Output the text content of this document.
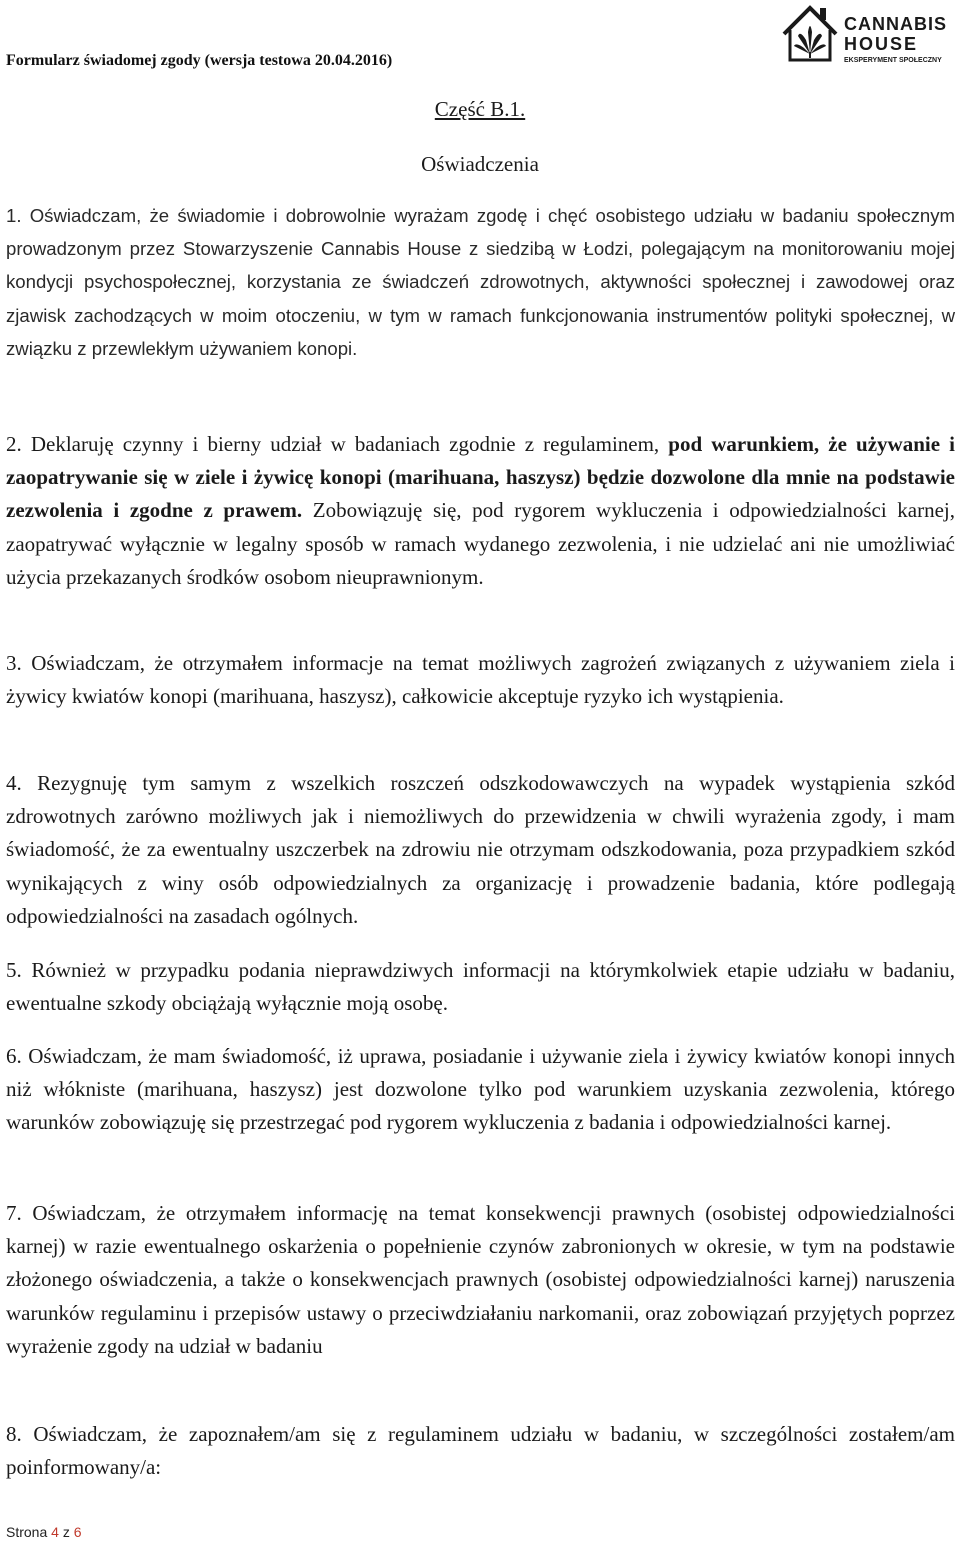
Formularz świadomej zgody (wersja testowa 20.04.2016)
CANNABIS
HOUSE
EKSPERYMENT SPOŁECZNY
Część B.1.
Oświadczenia

1. Oświadczam, że świadomie i dobrowolnie wyrażam zgodę i chęć osobistego udziału w badaniu społecznym prowadzonym przez Stowarzyszenie Cannabis House z siedzibą w Łodzi, polegającym na monitorowaniu mojej kondycji psychospołecznej, korzystania ze świadczeń zdrowotnych, aktywności społecznej i zawodowej oraz zjawisk zachodzących w moim otoczeniu, w tym w ramach funkcjonowania instrumentów polityki społecznej, w związku z przewlekłym używaniem konopi.

2. Deklaruję czynny i bierny udział w badaniach zgodnie z regulaminem, pod warunkiem, że używanie i zaopatrywanie się w ziele i żywicę konopi (marihuana, haszysz) będzie dozwolone dla mnie na podstawie zezwolenia i zgodne z prawem. Zobowiązuję się, pod rygorem wykluczenia i odpowiedzialności karnej, zaopatrywać wyłącznie w legalny sposób w ramach wydanego zezwolenia, i nie udzielać ani nie umożliwiać użycia przekazanych środków osobom nieuprawnionym.

3. Oświadczam, że otrzymałem informacje na temat możliwych zagrożeń związanych z używaniem ziela i żywicy kwiatów konopi (marihuana, haszysz), całkowicie akceptuje ryzyko ich wystąpienia.

4. Rezygnuję tym samym z wszelkich roszczeń odszkodowawczych na wypadek wystąpienia szkód zdrowotnych zarówno możliwych jak i niemożliwych do przewidzenia w chwili wyrażenia zgody, i mam świadomość, że za ewentualny uszczerbek na zdrowiu nie otrzymam odszkodowania, poza przypadkiem szkód wynikających z winy osób odpowiedzialnych za organizację i prowadzenie badania, które podlegają odpowiedzialności na zasadach ogólnych.

5. Również w przypadku podania nieprawdziwych informacji na którymkolwiek etapie udziału w badaniu, ewentualne szkody obciążają wyłącznie moją osobę.

6. Oświadczam, że mam świadomość, iż uprawa, posiadanie i używanie ziela i żywicy kwiatów konopi innych niż włókniste (marihuana, haszysz) jest dozwolone tylko pod warunkiem uzyskania zezwolenia, którego warunków zobowiązuję się przestrzegać pod rygorem wykluczenia z badania i odpowiedzialności karnej.

7. Oświadczam, że otrzymałem informację na temat konsekwencji prawnych (osobistej odpowiedzialności karnej) w razie ewentualnego oskarżenia o popełnienie czynów zabronionych w okresie, w tym na podstawie złożonego oświadczenia, a także o konsekwencjach prawnych (osobistej odpowiedzialności karnej) naruszenia warunków regulaminu i przepisów ustawy o przeciwdziałaniu narkomanii, oraz zobowiązań przyjętych poprzez wyrażenie zgody na udział w badaniu

8. Oświadczam, że zapoznałem/am się z regulaminem udziału w badaniu, w szczególności zostałem/am poinformowany/a:

Strona 4 z 6
